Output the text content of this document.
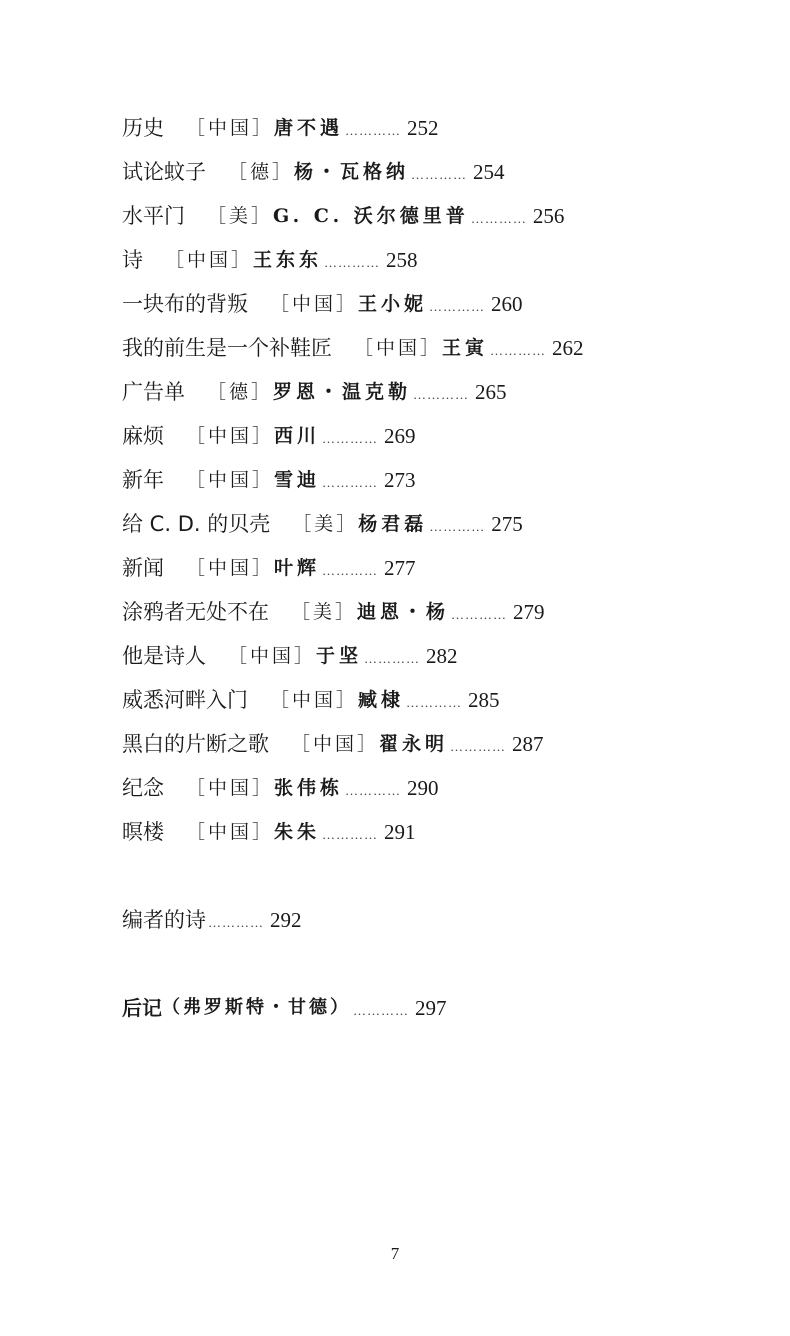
历史 ［中国］ 唐不遇 ………… 252
试论蚊子 ［德］ 杨・瓦格纳 ………… 254
水平门 ［美］ G. C. 沃尔德里普 ………… 256
诗 ［中国］ 王东东 ………… 258
一块布的背叛 ［中国］ 王小妮 ………… 260
我的前生是一个补鞋匠 ［中国］ 王寅 ………… 262
广告单 ［德］ 罗恩・温克勒 ………… 265
麻烦 ［中国］ 西川 ………… 269
新年 ［中国］ 雪迪 ………… 273
给 C. D. 的贝壳 ［美］ 杨君磊 ………… 275
新闻 ［中国］ 叶辉 ………… 277
涂鸦者无处不在 ［美］ 迪恩・杨 ………… 279
他是诗人 ［中国］ 于坚 ………… 282
威悉河畔入门 ［中国］ 臧棣 ………… 285
黑白的片断之歌 ［中国］ 翟永明 ………… 287
纪念 ［中国］ 张伟栋 ………… 290
暝楼 ［中国］ 朱朱 ………… 291
编者的诗 ………… 292
后记 （弗罗斯特・甘德） ………… 297
7
